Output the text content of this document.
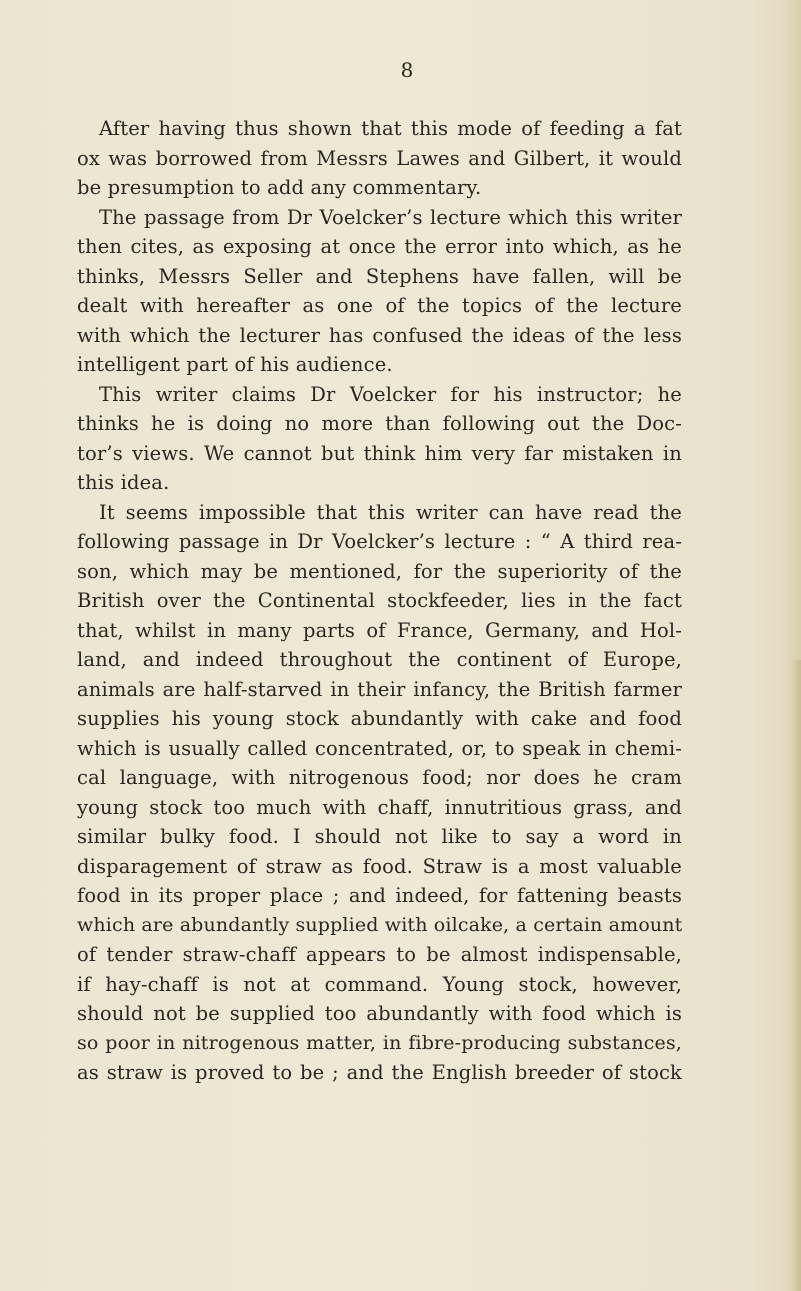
8
After having thus shown that this mode of feeding a fat
ox was borrowed from Messrs Lawes and Gilbert, it would
be presumption to add any commentary.
The passage from Dr Voelcker’s lecture which this writer
then cites, as exposing at once the error into which, as he
thinks, Messrs Seller and Stephens have fallen, will be
dealt with hereafter as one of the topics of the lecture
with which the lecturer has confused the ideas of the less
intelligent part of his audience.
This writer claims Dr Voelcker for his instructor; he
thinks he is doing no more than following out the Doc-
tor’s views. We cannot but think him very far mistaken in
this idea.
It seems impossible that this writer can have read the
following passage in Dr Voelcker’s lecture : “ A third rea-
son, which may be mentioned, for the superiority of the
British over the Continental stockfeeder, lies in the fact
that, whilst in many parts of France, Germany, and Hol-
land, and indeed throughout the continent of Europe,
animals are half-starved in their infancy, the British farmer
supplies his young stock abundantly with cake and food
which is usually called concentrated, or, to speak in chemi-
cal language, with nitrogenous food; nor does he cram
young stock too much with chaff, innutritious grass, and
similar bulky food. I should not like to say a word in
disparagement of straw as food. Straw is a most valuable
food in its proper place ; and indeed, for fattening beasts
which are abundantly supplied with oilcake, a certain amount
of tender straw-chaff appears to be almost indispensable,
if hay-chaff is not at command. Young stock, however,
should not be supplied too abundantly with food which is
so poor in nitrogenous matter, in fibre-producing substances,
as straw is proved to be ; and the English breeder of stock
